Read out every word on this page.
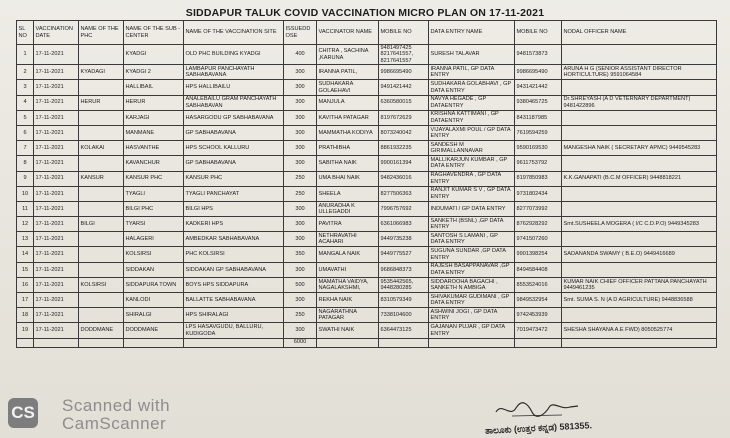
SIDDAPUR TALUK COVID VACCINATION MICRO PLAN ON 17-11-2021
SL NO	VACCINATION DATE	NAME OF THE PHC	NAME OF THE SUB - CENTER	NAME OF THE VACCINATION SITE	ISSUEDDOSE	VACCINATOR NAME	MOBILE NO	DATA ENTRY NAME	MOBILE NO	NODAL OFFICER NAME
1	17-11-2021		KYADGI	OLD PHC BUILDING KYADGI	400	CHITRA , SACHINA ,KARUNA	9481497425 8217641557, 8217641557	SURESH TALAVAR	9481573873	
2	17-11-2021	KYADAGI	KYADGI 2	LAMBAPUR PANCHAYATH SABHABAVANA	300	IRANNA PATIL,	9986695490	IRANNA PATIL, GP DATA ENTRY	9986695490	ARUNA H G (SENIOR ASSISTANT DIRECTOR HORTICULTURE) 9591064584
3	17-11-2021		HALLIBAIL	HPS HALLIBAILU	300	SUDHAKARA GOLAEHAVI	9491421442	SUDHAKARA GOLABHAVI , GP DATA ENTRY	9431421442	
4	17-11-2021	HERUR	HERUR	ANALEBAILU GRAM PANCHAYATH SABHABAVAN	300	MANJULA	6360580015	NAVYA HEGADE , GP DATAENTRY	9380465725	Dr.SHREYASH (A D VETERNARY DEPARTMENT) 9481422896
5	17-11-2021		KARJAGI	HASARGODU GP SABHABAVANA	300	KAVITHA PATAGAR	8197672629	KRISHNA KATTIMANI , GP DATAENTRY	8431187985	
6	17-11-2021		MANMANE	GP SABHABAVANA	300	MAMMATHA KODIYA	8073240042	VIJAYALAXMI POUL / GP DATA ENTRY	7619594259	
7	17-11-2021	KOLAKAI	HASVANTHE	HPS SCHOOL KALLURU	300	PRATHIBHA	8861932235	SANDESH M GIRIMALLANNAVAR	9590169530	MANGESHA NAIK ( SECRETARY APMC) 9449545283
8	17-11-2021		KAVANCHUR	GP SABHABAVANA	300	SABITHA NAIK	9900161394	MALLIKARJUN KUMBAR , GP DATA ENTRY	9611753792	
9	17-11-2021	KANSUR	KANSUR PHC	KANSUR PHC	250	UMA BHAI NAIK	9482436016	RAGHAVENDRA , GP DATA ENTRY	8197850983	K.K.GANAPATI (B.C.M OFFICER) 9448818221
10	17-11-2021		TYAGLI	TYAGLI PANCHAYAT	250	SHEELA	8277506363	RANJIT KUMAR S V , GP DATA ENTRY	9731802434	
11	17-11-2021		BILGI PHC	BILGI HPS	300	ANURADHA K ULLEGADDI	7996757692	INDUMATI / GP DATA ENTRY	8277073992	
12	17-11-2021	BILGI	TYARSI	KADKERI HPS	300	PAVITRA	6361066983	SANKETH (BSNL) ,GP DATA ENTRY	8762928292	Smt.SUSHEELA MOGERA ( I/C C.D.P.O) 9449345283
13	17-11-2021		HALAGERI	AMBEDKAR SABHABAVANA	300	NETHRAVATHI ACAHARI	9449735238	SANTOSH S LAMANI , GP DATA ENTRY	9741507260	
14	17-11-2021		KOLSIRSI	PHC KOLSIRSI	350	MANGALA NAIK	9449775527	SUGUNA SUNDAR ,GP DATA ENTRY	9901398254	SADANANDA SWAMY ( B.E.O) 9449416689
15	17-11-2021		SIDDAKAN	SIDDAKAN GP SABHABAVANA	300	UMAVATHI	9686848373	RAJESH BASAPPANAVAR ,GP DATA ENTRY	8494584408	
16	17-11-2021	KOLSIRSI	SIDDAPURA TOWN	BOYS HPS SIDDAPURA	500	MAMATHA VAIDYA, NAGALAKSHMI,	9535442565, 9448280285	SIDDAROOHA BAGACHI , SANKETH N AMBIGA	8553524016	KUMAR NAIK CHIEF OFFICER PATTANA PANCHAYATH 9449461235
17	17-11-2021		KANLODI	BALLATTE SABHABAVANA	300	REKHA NAIK	8310579349	SHIVAKUMAR GUDIMANI , GP DATA ENTRY	9849532954	Smt. SUMA S. N (A D AGRICULTURE) 9448836588
18	17-11-2021		SHIRALGI	HPS SHIRALAGI	250	NAGARATHNA PATAGAR	7338104600	ASHWINI JOGI , GP DATA ENTRY	9742453939	
19	17-11-2021	DODDMANE	DODDMANE	LPS HASAVGUDU, BALLURU, KUDIGODA	300	SWATHI NAIK	6364473125	GAJANAN PUJAR , GP DATA ENTRY	7019473472	SHESHA SHAYANA A.E FWD) 8050525774
					6000					
CS Scanned with
CamScanner	ತಾಲೂಕು (ಉತ್ತರ ಕನ್ನಡ) 581355.
